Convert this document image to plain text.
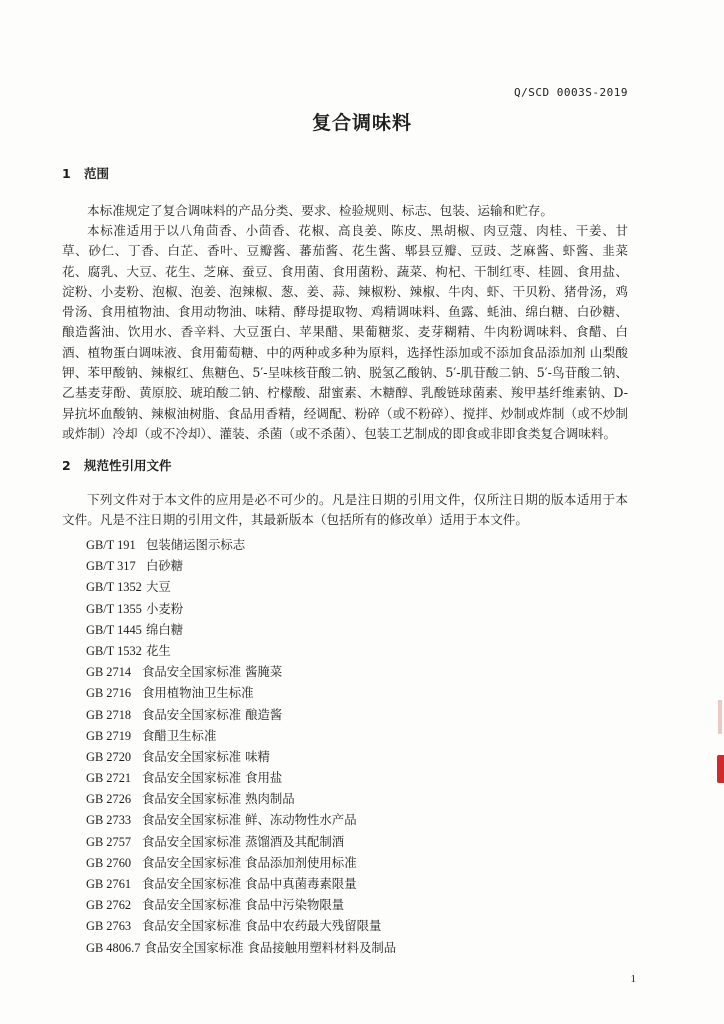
Q/SCD 0003S-2019
复合调味料
1 范围

本标准规定了复合调味料的产品分类、要求、检验规则、标志、包装、运输和贮存。

本标准适用于以八角茴香、小茴香、花椒、高良姜、陈皮、黑胡椒、肉豆蔻、肉桂、干姜、甘草、砂仁、丁香、白芷、香叶、豆瓣酱、蕃茄酱、花生酱、郫县豆瓣、豆豉、芝麻酱、虾酱、韭菜花、腐乳、大豆、花生、芝麻、蚕豆、食用菌、食用菌粉、蔬菜、枸杞、干制红枣、桂圆、食用盐、淀粉、小麦粉、泡椒、泡姜、泡辣椒、葱、姜、蒜、辣椒粉、辣椒、牛肉、虾、干贝粉、猪骨汤，鸡骨汤、食用植物油、食用动物油、味精、酵母提取物、鸡精调味料、鱼露、蚝油、绵白糖、白砂糖、酿造酱油、饮用水、香辛料、大豆蛋白、苹果醋、果葡糖浆、麦芽糊精、牛肉粉调味料、食醋、白酒、植物蛋白调味液、食用葡萄糖、中的两种或多种为原料，选择性添加或不添加食品添加剂 山梨酸钾、苯甲酸钠、辣椒红、焦糖色、5′-呈味核苷酸二钠、脱氢乙酸钠、5′-肌苷酸二钠、5′-鸟苷酸二钠、乙基麦芽酚、黄原胶、琥珀酸二钠、柠檬酸、甜蜜素、木糖醇、乳酸链球菌素、羧甲基纤维素钠、D-异抗坏血酸钠、辣椒油树脂、食品用香精，经调配、粉碎（或不粉碎）、搅拌、炒制或炸制（或不炒制或炸制）冷却（或不冷却）、灌装、杀菌（或不杀菌）、包装工艺制成的即食或非即食类复合调味料。

2 规范性引用文件

下列文件对于本文件的应用是必不可少的。凡是注日期的引用文件，仅所注日期的版本适用于本文件。凡是不注日期的引用文件，其最新版本（包括所有的修改单）适用于本文件。

GB/T 191 包装储运图示标志
GB/T 317 白砂糖
GB/T 1352 大豆
GB/T 1355 小麦粉
GB/T 1445 绵白糖
GB/T 1532 花生
GB 2714 食品安全国家标准 酱腌菜
GB 2716 食用植物油卫生标准
GB 2718 食品安全国家标准 酿造酱
GB 2719 食醋卫生标准
GB 2720 食品安全国家标准 味精
GB 2721 食品安全国家标准 食用盐
GB 2726 食品安全国家标准 熟肉制品
GB 2733 食品安全国家标准 鲜、冻动物性水产品
GB 2757 食品安全国家标准 蒸馏酒及其配制酒
GB 2760 食品安全国家标准 食品添加剂使用标准
GB 2761 食品安全国家标准 食品中真菌毒素限量
GB 2762 食品安全国家标准 食品中污染物限量
GB 2763 食品安全国家标准 食品中农药最大残留限量
GB 4806.7 食品安全国家标准 食品接触用塑料材料及制品
1
